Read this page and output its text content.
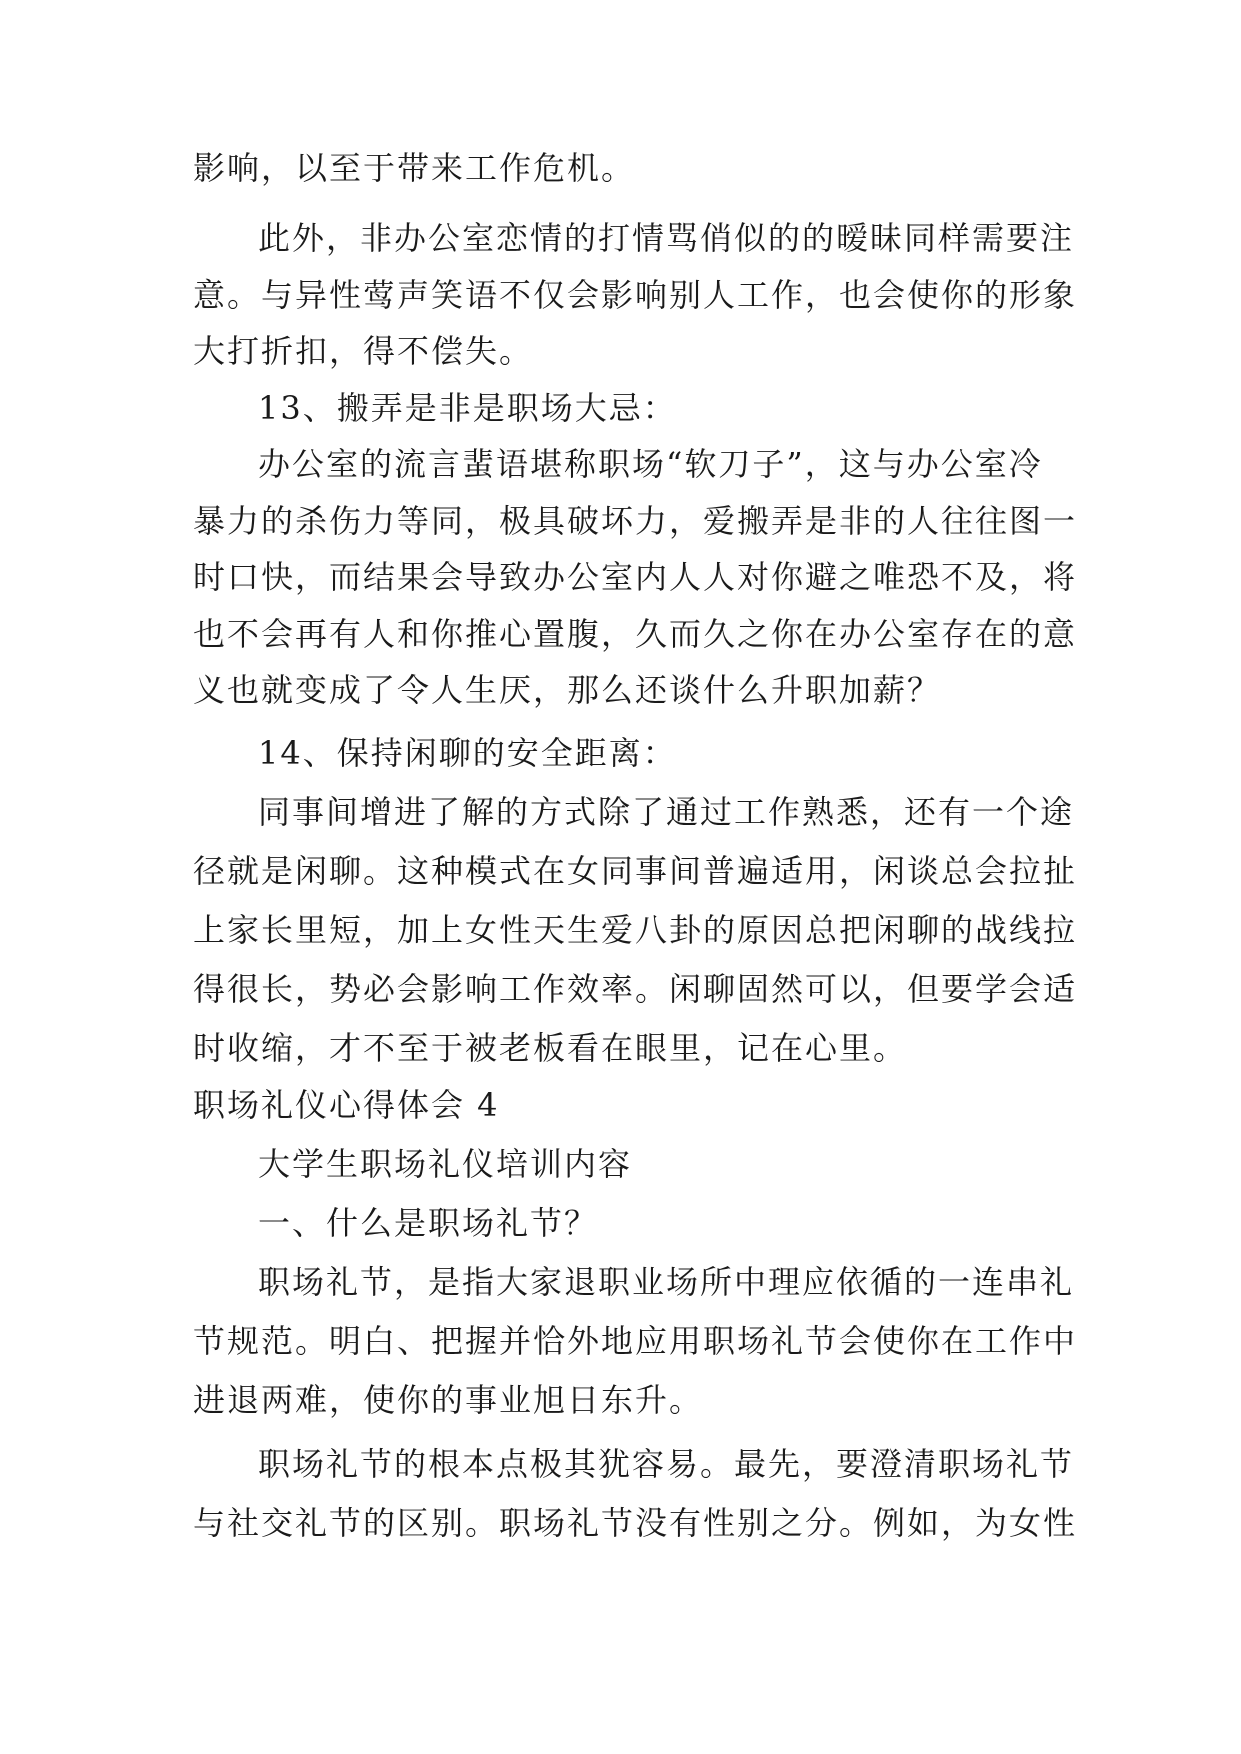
影响，以至于带来工作危机。
此外，非办公室恋情的打情骂俏似的的暧昧同样需要注
意。与异性莺声笑语不仅会影响别人工作，也会使你的形象
大打折扣，得不偿失。
13、搬弄是非是职场大忌：
办公室的流言蜚语堪称职场“软刀子”，这与办公室冷
暴力的杀伤力等同，极具破坏力，爱搬弄是非的人往往图一
时口快，而结果会导致办公室内人人对你避之唯恐不及，将
也不会再有人和你推心置腹，久而久之你在办公室存在的意
义也就变成了令人生厌，那么还谈什么升职加薪？
14、保持闲聊的安全距离：
同事间增进了解的方式除了通过工作熟悉，还有一个途
径就是闲聊。这种模式在女同事间普遍适用，闲谈总会拉扯
上家长里短，加上女性天生爱八卦的原因总把闲聊的战线拉
得很长，势必会影响工作效率。闲聊固然可以，但要学会适
时收缩，才不至于被老板看在眼里，记在心里。
职场礼仪心得体会 4
大学生职场礼仪培训内容
一、什么是职场礼节？
职场礼节，是指大家退职业场所中理应依循的一连串礼
节规范。明白、把握并恰外地应用职场礼节会使你在工作中
进退两难，使你的事业旭日东升。
职场礼节的根本点极其犹容易。最先，要澄清职场礼节
与社交礼节的区别。职场礼节没有性别之分。例如，为女性
